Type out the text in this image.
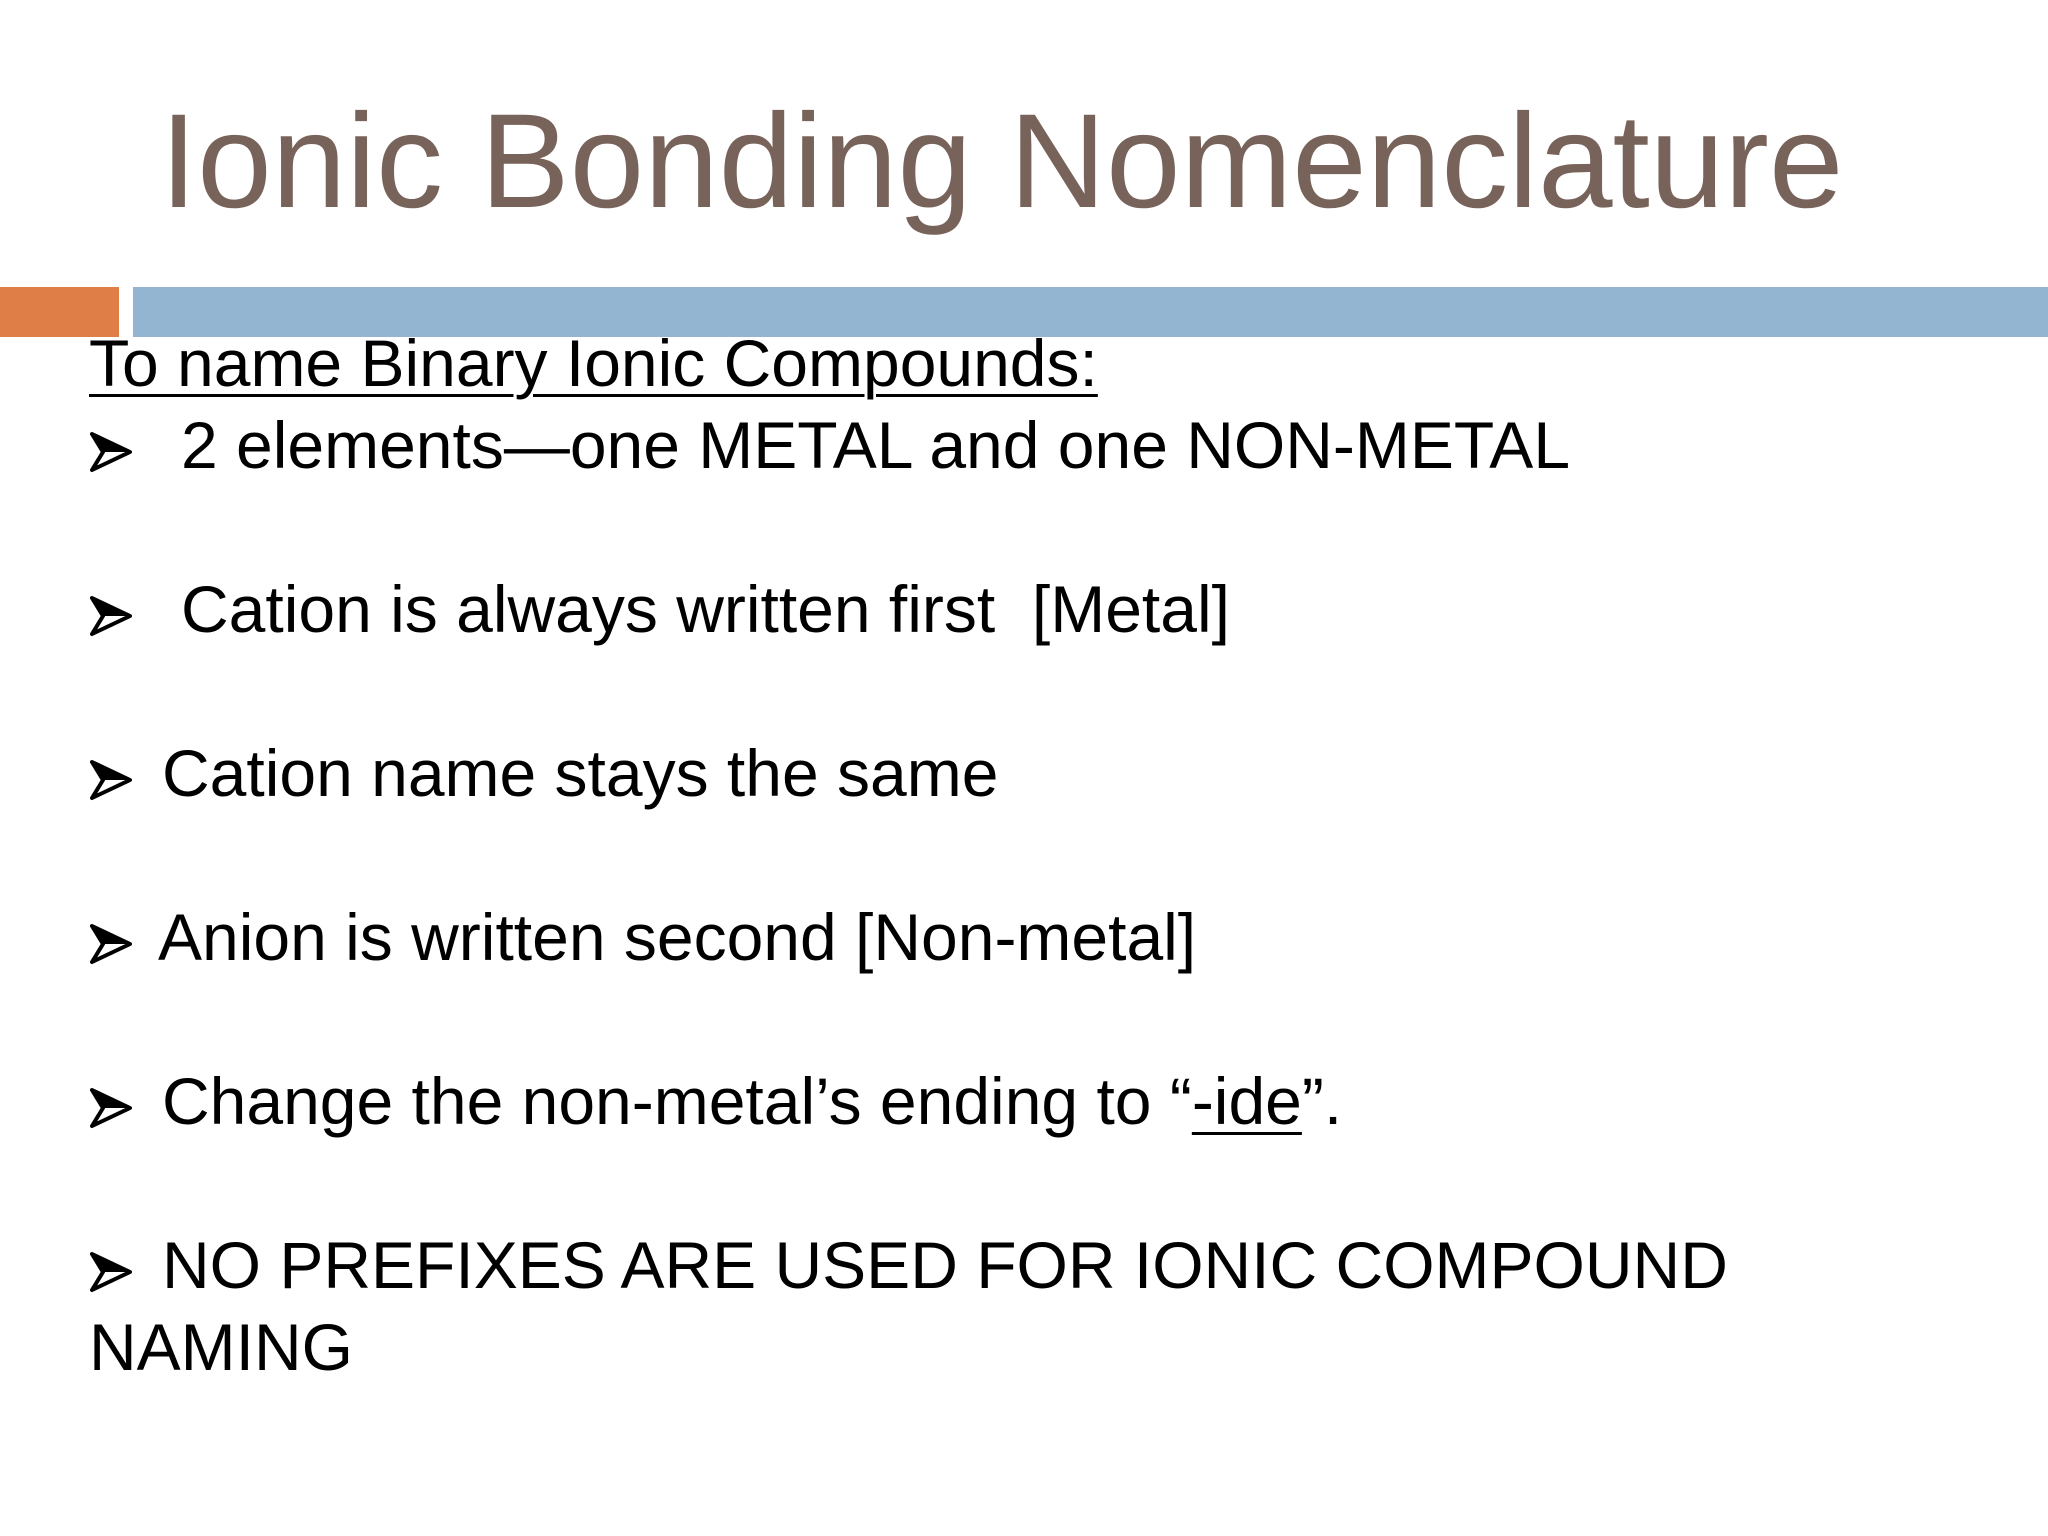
Ionic Bonding Nomenclature
To name Binary Ionic Compounds:
2 elements—one METAL and one NON-METAL
Cation is always written first  [Metal]
Cation name stays the same
Anion is written second [Non-metal]
Change the non-metal’s ending to “-ide”.
NO PREFIXES ARE USED FOR IONIC COMPOUND NAMING
